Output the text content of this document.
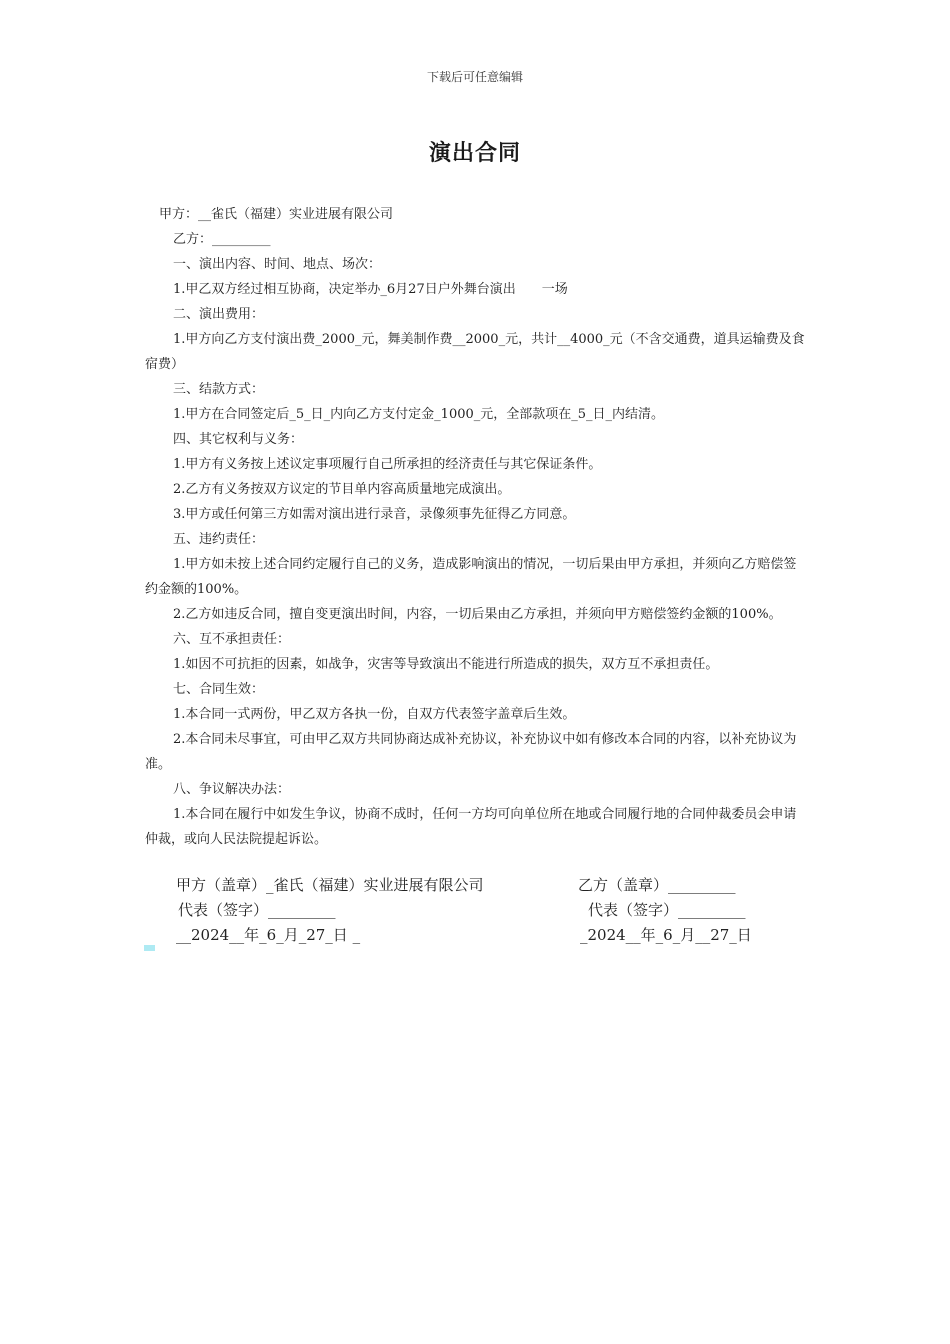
下载后可任意编辑
演出合同

甲方：__雀氏（福建）实业进展有限公司

乙方：_________

一、演出内容、时间、地点、场次：

1.甲乙双方经过相互协商，决定举办_6月27日户外舞台演出　　一场

二、演出费用：

1.甲方向乙方支付演出费_2000_元，舞美制作费__2000_元，共计__4000_元（不含交通费，道具运输费及食宿费）

三、结款方式：

1.甲方在合同签定后_5_日_内向乙方支付定金_1000_元，全部款项在_5_日_内结清。

四、其它权利与义务：

1.甲方有义务按上述议定事项履行自己所承担的经济责任与其它保证条件。

2.乙方有义务按双方议定的节目单内容高质量地完成演出。

3.甲方或任何第三方如需对演出进行录音，录像须事先征得乙方同意。

五、违约责任：

1.甲方如未按上述合同约定履行自己的义务，造成影响演出的情况，一切后果由甲方承担，并须向乙方赔偿签约金额的100%。

2.乙方如违反合同，擅自变更演出时间，内容，一切后果由乙方承担，并须向甲方赔偿签约金额的100%。

六、互不承担责任：

1.如因不可抗拒的因素，如战争，灾害等导致演出不能进行所造成的损失，双方互不承担责任。

七、合同生效：

1.本合同一式两份，甲乙双方各执一份，自双方代表签字盖章后生效。

2.本合同未尽事宜，可由甲乙双方共同协商达成补充协议，补充协议中如有修改本合同的内容，以补充协议为准。

八、争议解决办法：

1.本合同在履行中如发生争议，协商不成时，任何一方均可向单位所在地或合同履行地的合同仲裁委员会申请仲裁，或向人民法院提起诉讼。

甲方（盖章）_雀氏（福建）实业进展有限公司	乙方（盖章）_________
代表（签字）_________	代表（签字）_________
__2024__年_6_月_27_日 _	_2024__年_6_月__27_日
